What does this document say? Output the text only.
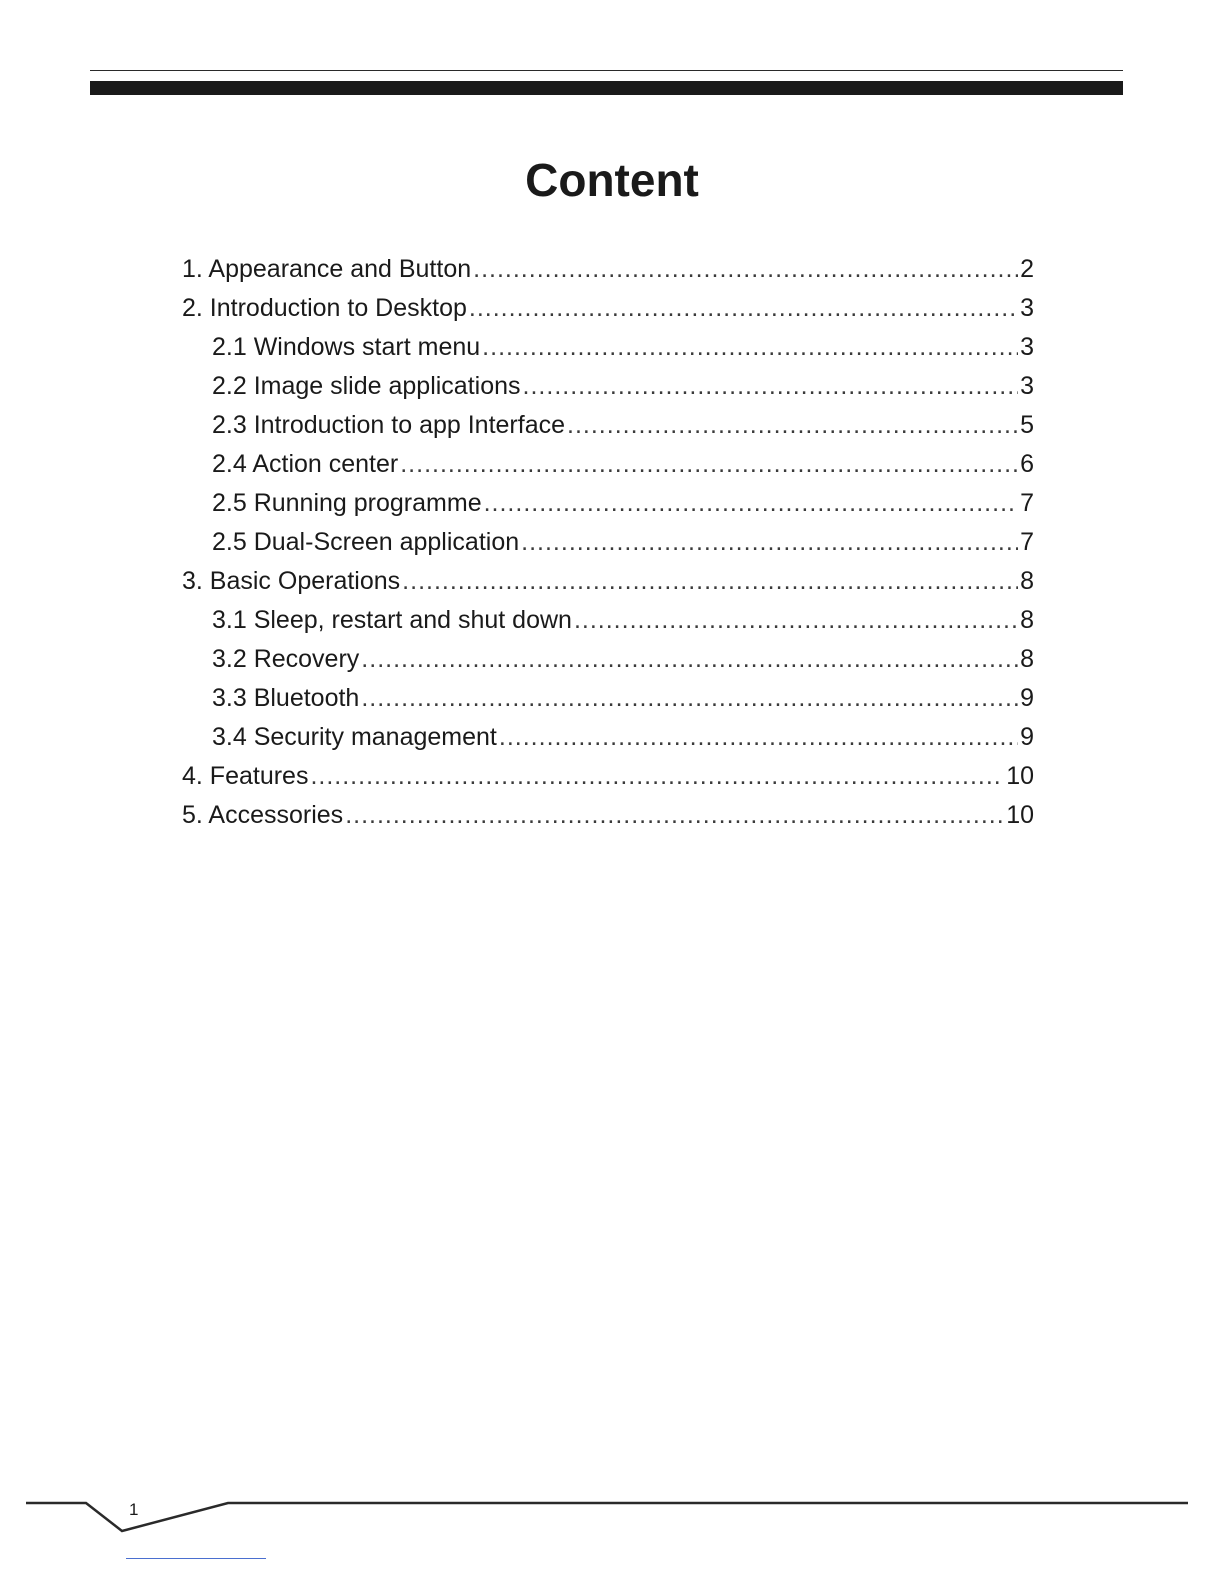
Content
1. Appearance and Button .....	2
2. Introduction to Desktop .....	3
2.1 Windows start menu .....	3
2.2 Image slide applications .....	3
2.3 Introduction to app Interface .....	5
2.4 Action center .....	6
2.5 Running programme .....	7
2.5 Dual-Screen application .....	7
3. Basic Operations .....	8
3.1 Sleep, restart and shut down .....	8
3.2 Recovery .....	8
3.3 Bluetooth .....	9
3.4 Security management .....	9
4. Features .....	10
5. Accessories .....	10
1
